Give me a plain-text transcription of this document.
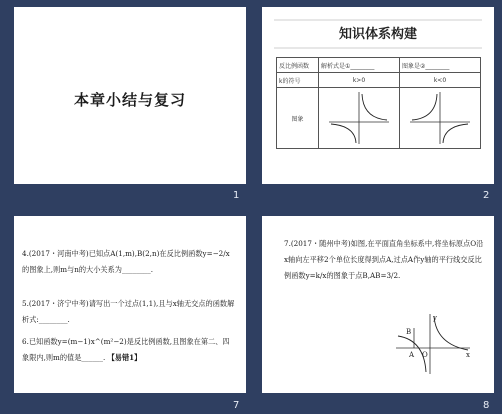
本章小结与复习
1
知识体系构建
反比例函数	解析式是①________	图象是②________
k的符号	k>0	k<0
图象		
2
4.(2017・河南中考)已知点A(1,m),B(2,n)在反比例函数y=−2/x的图象上,则m与n的大小关系为________.
5.(2017・济宁中考)请写出一个过点(1,1),且与x轴无交点的函数解析式:________.
6.已知函数y=(m−1)x^(m²−2)是反比例函数,且图象在第二、四象限内,则m的值是______. 【易错1】
7
7.(2017・随州中考)如图,在平面直角坐标系中,将坐标原点O沿x轴向左平移2个单位长度得到点A,过点A作y轴的平行线交反比例函数y=k/x的图象于点B,AB=3/2.
B
A O	x
y
8
